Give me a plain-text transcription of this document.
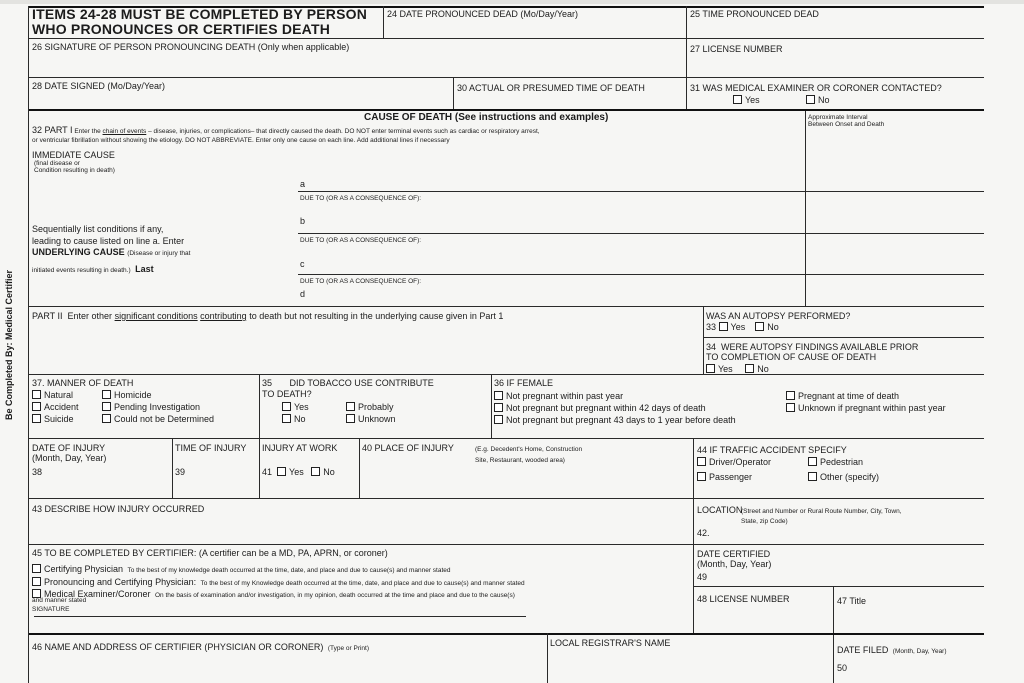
Be Completed By: Medical Certifier
ITEMS 24-28 MUST BE COMPLETED BY PERSON
WHO PRONOUNCES OR CERTIFIES DEATH
24 DATE PRONOUNCED DEAD (Mo/Day/Year)	25 TIME PRONOUNCED DEAD
26 SIGNATURE OF PERSON PRONOUNCING DEATH (Only when applicable)	27 LICENSE NUMBER
28 DATE SIGNED (Mo/Day/Year)	30 ACTUAL OR PRESUMED TIME OF DEATH	31 WAS MEDICAL EXAMINER OR CORONER CONTACTED?
Yes	No
CAUSE OF DEATH (See instructions and examples)	Approximate Interval
Between Onset and Death
32 PART I Enter the chain of events – disease, injuries, or complications– that directly caused the death. DO NOT enter terminal events such as cardiac or respiratory arrest,
or ventricular fibrillation without showing the etiology. DO NOT ABBREVIATE. Enter only one cause on each line. Add additional lines if necessary
IMMEDIATE CAUSE
(final disease or
Condition resulting in death)
a
DUE TO (OR AS A CONSEQUENCE OF):
b
DUE TO (OR AS A CONSEQUENCE OF):
c
DUE TO (OR AS A CONSEQUENCE OF):
d
Sequentially list conditions if any,
leading to cause listed on line a. Enter
UNDERLYING CAUSE (Disease or injury that
initiated events resulting in death.) Last
PART II Enter other significant conditions contributing to death but not resulting in the underlying cause given in Part 1	WAS AN AUTOPSY PERFORMED?
33 Yes No
34  WERE AUTOPSY FINDINGS AVAILABLE PRIOR
TO COMPLETION OF CAUSE OF DEATH
Yes	No
37. MANNER OF DEATH
Natural	Homicide
Accident	Pending Investigation
Suicide	Could not be Determined
35       DID TOBACCO USE CONTRIBUTE
TO DEATH?
Yes	Probably
No	Unknown
36 IF FEMALE
Not pregnant within past year
Not pregnant but pregnant within 42 days of death
Not pregnant but pregnant 43 days to 1 year before death
Pregnant at time of death
Unknown if pregnant within past year
DATE OF INJURY
(Month, Day, Year)
38
TIME OF INJURY
39
INJURY AT WORK
41 Yes No
40 PLACE OF INJURY	(E.g. Decedent's Home, Construction
Site, Restaurant, wooded area)
44 IF TRAFFIC ACCIDENT SPECIFY
Driver/Operator	Pedestrian
Passenger	Other (specify)
43 DESCRIBE HOW INJURY OCCURRED	LOCATION
(Street and Number or Rural Route Number, City, Town,
State, zip Code)
42.
45 TO BE COMPLETED BY CERTIFIER: (A certifier can be a MD, PA, APRN, or coroner)
Certifying Physician To the best of my knowledge death occurred at the time, date, and place and due to cause(s) and manner stated
Pronouncing and Certifying Physician: To the best of my Knowledge death occurred at the time, date, and place and due to cause(s) and manner stated
Medical Examiner/Coroner On the basis of examination and/or investigation, in my opinion, death occurred at the time and place and due to the cause(s)
and manner stated
SIGNATURE
DATE CERTIFIED
(Month, Day, Year)
49
48 LICENSE NUMBER	47 Title
46 NAME AND ADDRESS OF CERTIFIER (PHYSICIAN OR CORONER) (Type or Print)
LOCAL REGISTRAR'S NAME
DATE FILED (Month, Day, Year)
50
